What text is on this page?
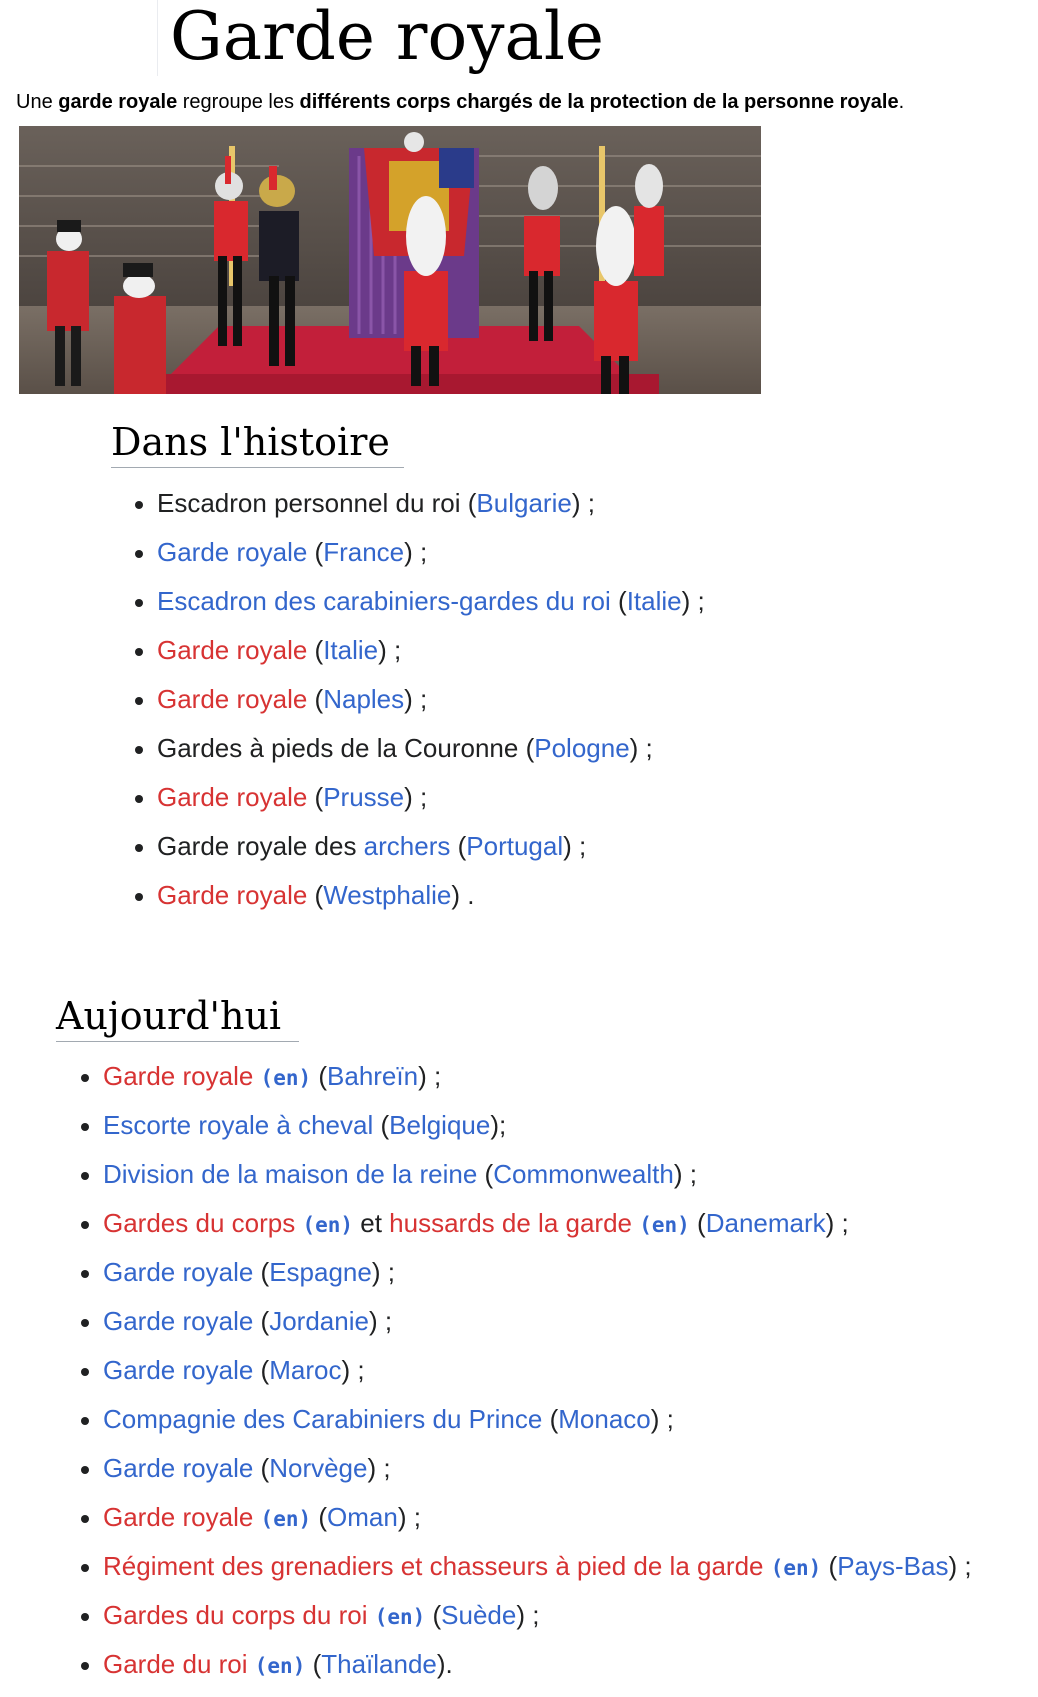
Garde royale

Une garde royale regroupe les différents corps chargés de la protection de la personne royale.

Dans l'histoire
Escadron personnel du roi (Bulgarie) ;
Garde royale (France) ;
Escadron des carabiniers-gardes du roi (Italie) ;
Garde royale (Italie) ;
Garde royale (Naples) ;
Gardes à pieds de la Couronne (Pologne) ;
Garde royale (Prusse) ;
Garde royale des archers (Portugal) ;
Garde royale (Westphalie) .
Aujourd'hui
Garde royale (en) (Bahreïn) ;
Escorte royale à cheval (Belgique);
Division de la maison de la reine (Commonwealth) ;
Gardes du corps (en) et hussards de la garde (en) (Danemark) ;
Garde royale (Espagne) ;
Garde royale (Jordanie) ;
Garde royale (Maroc) ;
Compagnie des Carabiniers du Prince (Monaco) ;
Garde royale (Norvège) ;
Garde royale (en) (Oman) ;
Régiment des grenadiers et chasseurs à pied de la garde (en) (Pays-Bas) ;
Gardes du corps du roi (en) (Suède) ;
Garde du roi (en) (Thaïlande).
